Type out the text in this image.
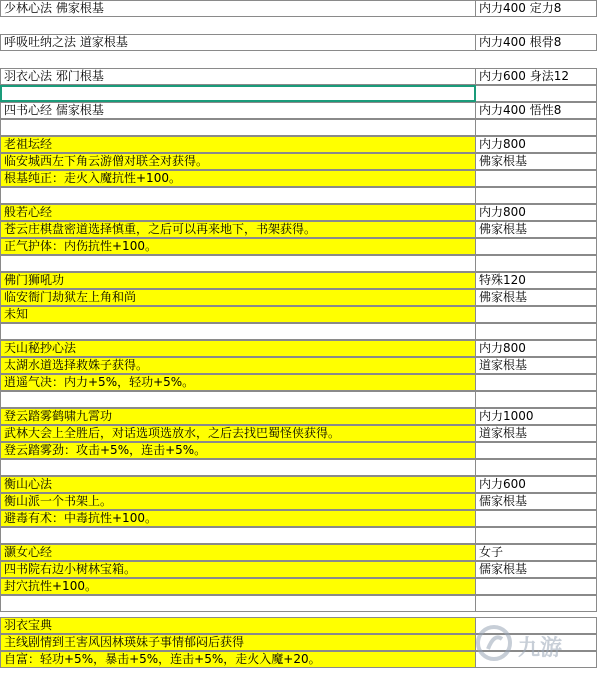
少林心法 佛家根基	内力400 定力8
呼吸吐纳之法 道家根基	内力400 根骨8
羽衣心法 邪门根基	内力600 身法12
四书心经 儒家根基	内力400 悟性8
老祖坛经	内力800
临安城西左下角云游僧对联全对获得。	佛家根基
根基纯正：走火入魔抗性+100。
般若心经	内力800
苍云庄棋盘密道选择慎重，之后可以再来地下，书架获得。	佛家根基
正气护体：内伤抗性+100。
佛门狮吼功	特殊120
临安衙门劫狱左上角和尚	佛家根基
未知
天山秘抄心法	内力800
太湖水道选择救姝子获得。	道家根基
逍遥气决：内力+5%，轻功+5%。
登云踏雾鹤啸九霄功	内力1000
武林大会上全胜后，对话选项选放水，之后去找巴蜀怪侠获得。	道家根基
登云踏雾劲：攻击+5%，连击+5%。
衡山心法	内力600
衡山派一个书架上。	儒家根基
避毒有术：中毒抗性+100。
灏女心经	女子
四书院右边小树林宝箱。	儒家根基
封穴抗性+100。
羽衣宝典
主线剧情到王害风因林瑛妹子事情郁闷后获得
自富：轻功+5%，暴击+5%，连击+5%，走火入魔+20。	九游
